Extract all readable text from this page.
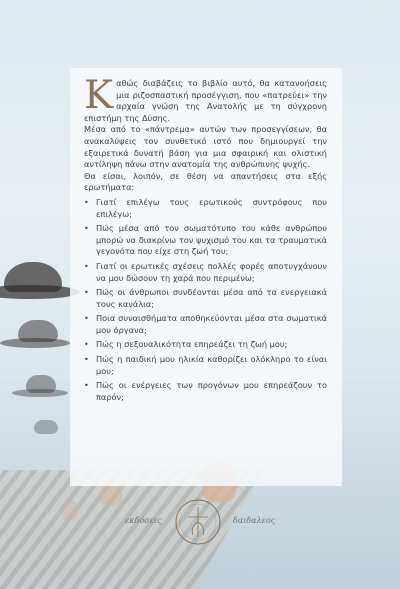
Καθώς διαβάζεις το βιβλίο αυτό, θα κατανοήσεις μια ριζοσπαστική προσέγγιση, που «πατρεύει» την αρχαία γνώση της Ανατολής με τη σύγχρονη επιστήμη της Δύσης.

Μέσα από το «πάντρεμα» αυτών των προσεγγίσεων, θα ανακαλύψεις τον συνθετικό ιστό που δημιουργεί την εξαιρετικά δυνατή βάση για μια σφαιρική και ολιστική αντίληψη πάνω στην ανατομία της ανθρώπινης ψυχής.

Θα είσαι, λοιπόν, σε θέση να απαντήσεις στα εξής ερωτήματα:

• Γιατί επιλέγω τους ερωτικούς συντρόφους που επιλέγω;
• Πώς μέσα από τον σωματότυπο του κάθε ανθρώπου μπορώ να διακρίνω τον ψυχισμό του και τα τραυματικά γεγονότα που είχε στη ζωή του;
• Γιατί οι ερωτικές σχέσεις πολλές φορές αποτυγχάνουν να μου δώσουν τη χαρά που περιμένω;
• Πώς οι άνθρωποι συνδέονται μέσα από τα ενεργειακά τους κανάλια;
• Ποια συναισθήματα αποθηκεύονται μέσα στα σωματικά μου όργανα;
• Πώς η σεξουαλικότητα επηρεάζει τη ζωή μου;
• Πώς η παιδική μου ηλικία καθορίζει ολόκληρο το είναι μου;
• Πώς οι ενέργειες των προγόνων μου επηρεάζουν το παρόν;
εκδόσεις	δαιδαλεος
